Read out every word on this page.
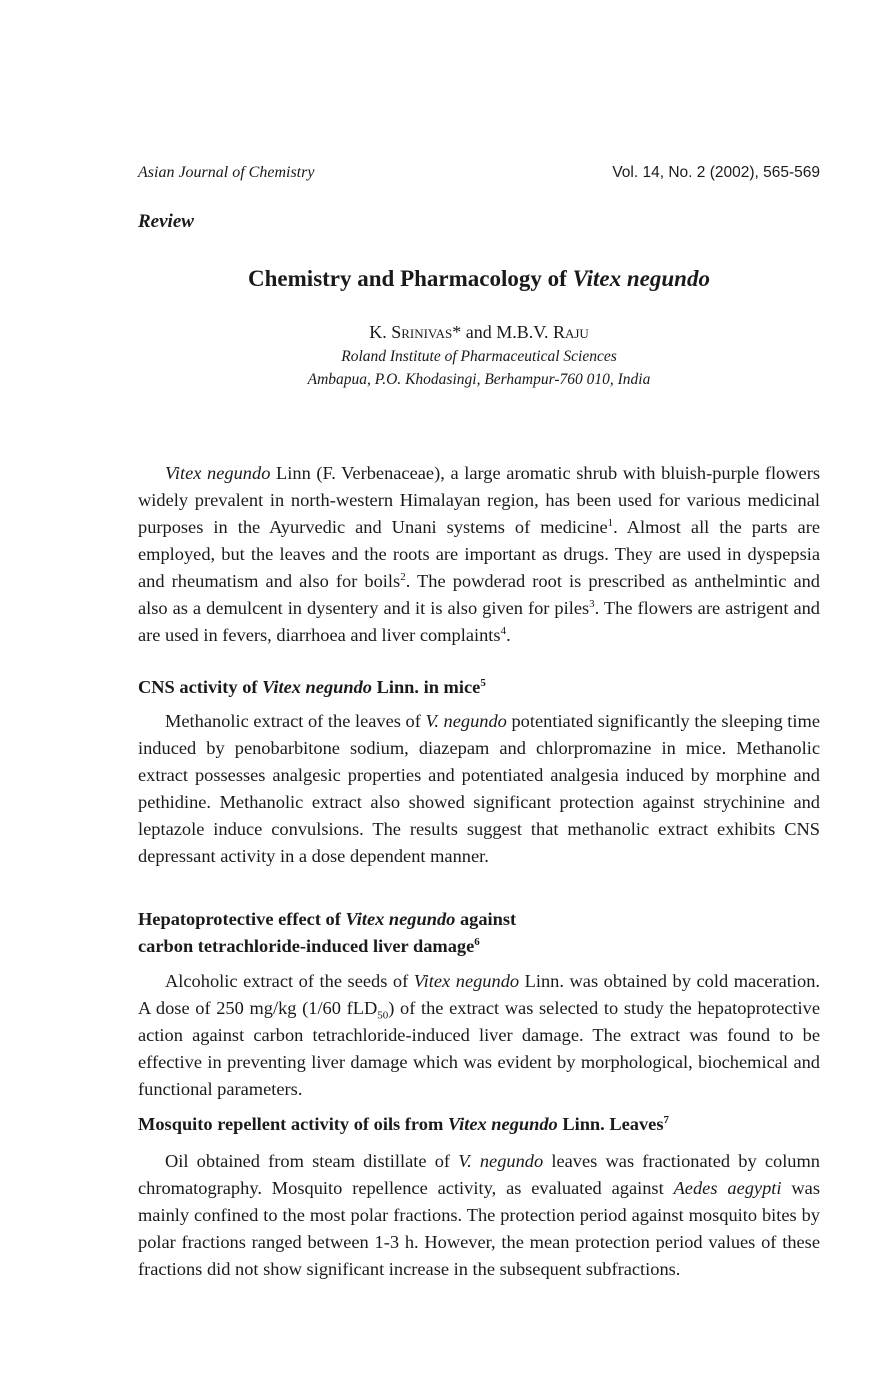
Asian Journal of Chemistry	Vol. 14, No. 2 (2002), 565-569
Review
Chemistry and Pharmacology of Vitex negundo
K. Srinivas* and M.B.V. Raju
Roland Institute of Pharmaceutical Sciences
Ambapua, P.O. Khodasingi, Berhampur-760 010, India

Vitex negundo Linn (F. Verbenaceae), a large aromatic shrub with bluish-purple flowers widely prevalent in north-western Himalayan region, has been used for various medicinal purposes in the Ayurvedic and Unani systems of medicine$^1$. Almost all the parts are employed, but the leaves and the roots are important as drugs. They are used in dyspepsia and rheumatism and also for boils$^2$. The powderad root is prescribed as anthelmintic and also as a demulcent in dysentery and it is also given for piles$^3$. The flowers are astrigent and are used in fevers, diarrhoea and liver complaints$^4$.

CNS activity of Vitex negundo Linn. in mice$^5$

Methanolic extract of the leaves of V. negundo potentiated significantly the sleeping time induced by penobarbitone sodium, diazepam and chlorpromazine in mice. Methanolic extract possesses analgesic properties and potentiated analgesia induced by morphine and pethidine. Methanolic extract also showed significant protection against strychinine and leptazole induce convulsions. The results suggest that methanolic extract exhibits CNS depressant activity in a dose dependent manner.

Hepatoprotective effect of Vitex negundo against
carbon tetrachloride-induced liver damage$^6$

Alcoholic extract of the seeds of Vitex negundo Linn. was obtained by cold maceration. A dose of 250 mg/kg (1/60 fLD$_{50}$) of the extract was selected to study the hepatoprotective action against carbon tetrachloride-induced liver damage. The extract was found to be effective in preventing liver damage which was evident by morphological, biochemical and functional parameters.

Mosquito repellent activity of oils from Vitex negundo Linn. Leaves$^7$

Oil obtained from steam distillate of V. negundo leaves was fractionated by column chromatography. Mosquito repellence activity, as evaluated against Aedes aegypti was mainly confined to the most polar fractions. The protection period against mosquito bites by polar fractions ranged between 1-3 h. However, the mean protection period values of these fractions did not show significant increase in the subsequent subfractions.
